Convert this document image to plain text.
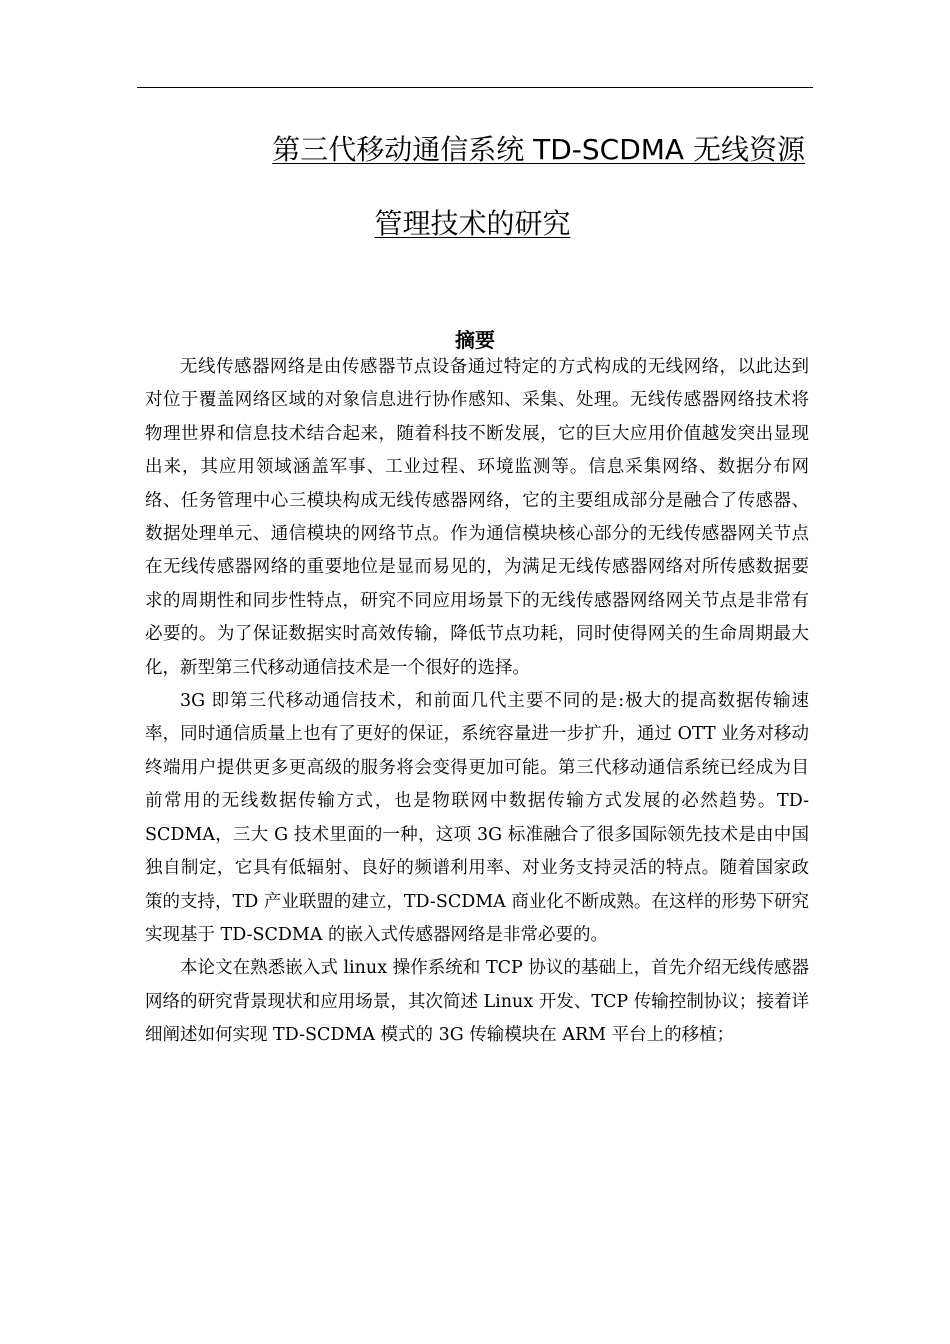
第三代移动通信系统 TD-SCDMA 无线资源
管理技术的研究
摘要

无线传感器网络是由传感器节点设备通过特定的方式构成的无线网络，以此达到对位于覆盖网络区域的对象信息进行协作感知、采集、处理。无线传感器网络技术将物理世界和信息技术结合起来，随着科技不断发展，它的巨大应用价值越发突出显现出来，其应用领域涵盖军事、工业过程、环境监测等。信息采集网络、数据分布网络、任务管理中心三模块构成无线传感器网络，它的主要组成部分是融合了传感器、数据处理单元、通信模块的网络节点。作为通信模块核心部分的无线传感器网关节点在无线传感器网络的重要地位是显而易见的，为满足无线传感器网络对所传感数据要求的周期性和同步性特点，研究不同应用场景下的无线传感器网络网关节点是非常有必要的。为了保证数据实时高效传输，降低节点功耗，同时使得网关的生命周期最大化，新型第三代移动通信技术是一个很好的选择。

3G 即第三代移动通信技术，和前面几代主要不同的是:极大的提高数据传输速率，同时通信质量上也有了更好的保证，系统容量进一步扩升，通过 OTT 业务对移动终端用户提供更多更高级的服务将会变得更加可能。第三代移动通信系统已经成为目前常用的无线数据传输方式，也是物联网中数据传输方式发展的必然趋势。TD-SCDMA，三大 G 技术里面的一种，这项 3G 标准融合了很多国际领先技术是由中国独自制定，它具有低辐射、良好的频谱利用率、对业务支持灵活的特点。随着国家政策的支持，TD 产业联盟的建立，TD-SCDMA 商业化不断成熟。在这样的形势下研究实现基于 TD-SCDMA 的嵌入式传感器网络是非常必要的。

本论文在熟悉嵌入式 linux 操作系统和 TCP 协议的基础上，首先介绍无线传感器网络的研究背景现状和应用场景，其次简述 Linux 开发、TCP 传输控制协议；接着详细阐述如何实现 TD-SCDMA 模式的 3G 传输模块在 ARM 平台上的移植；
